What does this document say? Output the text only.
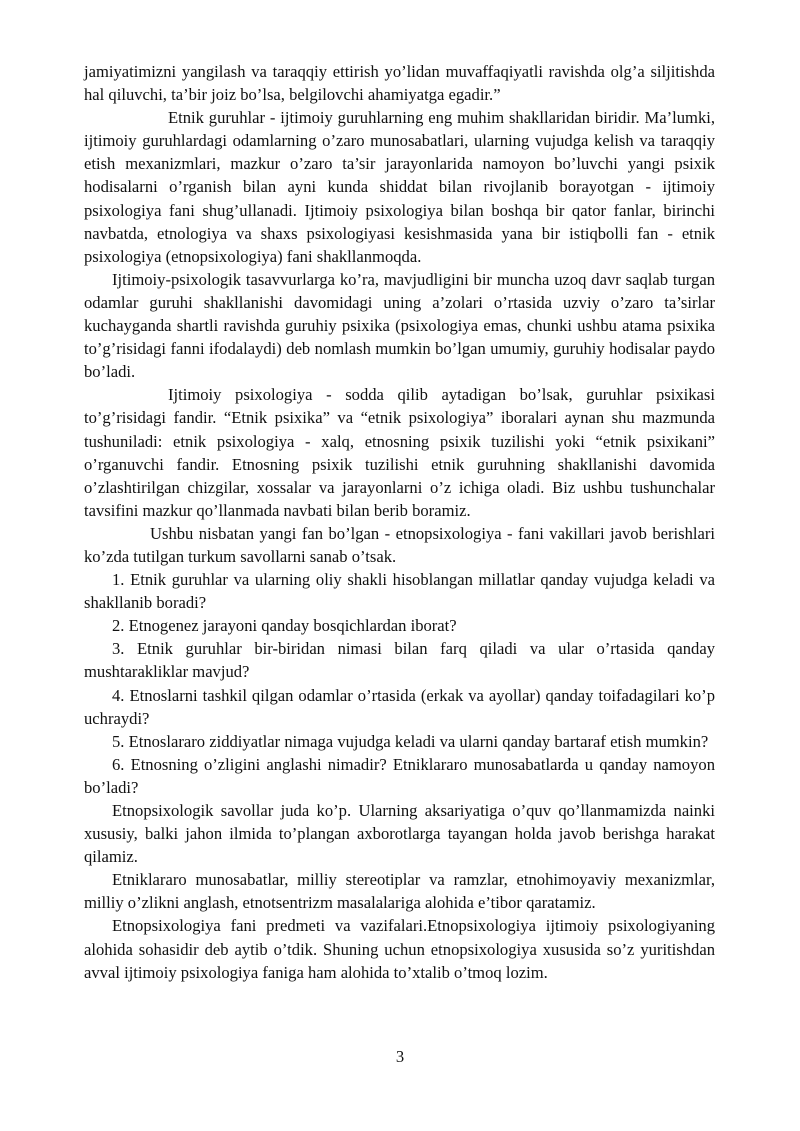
jamiyatimizni yangilash va taraqqiy ettirish yo’lidan muvaffaqiyatli ravishda olg’a siljitishda hal qiluvchi, ta’bir joiz bo’lsa, belgilovchi ahamiyatga egadir.”

Etnik guruhlar - ijtimoiy guruhlarning eng muhim shakllaridan biridir. Ma’lumki, ijtimoiy guruhlardagi odamlarning o’zaro munosabatlari, ularning vujudga kelish va taraqqiy etish mexanizmlari, mazkur o’zaro ta’sir jarayonlarida namoyon bo’luvchi yangi psixik hodisalarni o’rganish bilan ayni kunda shiddat bilan rivojlanib borayotgan - ijtimoiy psixologiya fani shug’ullanadi. Ijtimoiy psixologiya bilan boshqa bir qator fanlar, birinchi navbatda, etnologiya va shaxs psixologiyasi kesishmasida yana bir istiqbolli fan - etnik psixologiya (etnopsixologiya) fani shakllanmoqda.

Ijtimoiy-psixologik tasavvurlarga ko’ra, mavjudligini bir muncha uzoq davr saqlab turgan odamlar guruhi shakllanishi davomidagi uning a’zolari o’rtasida uzviy o’zaro ta’sirlar kuchayganda shartli ravishda guruhiy psixika (psixologiya emas, chunki ushbu atama psixika to’g’risidagi fanni ifodalaydi) deb nomlash mumkin bo’lgan umumiy, guruhiy hodisalar paydo bo’ladi.

Ijtimoiy psixologiya - sodda qilib aytadigan bo’lsak, guruhlar psixikasi to’g’risidagi fandir. “Etnik psixika” va “etnik psixologiya” iboralari aynan shu mazmunda tushuniladi: etnik psixologiya - xalq, etnosning psixik tuzilishi yoki “etnik psixikani” o’rganuvchi fandir. Etnosning psixik tuzilishi etnik guruhning shakllanishi davomida o’zlashtirilgan chizgilar, xossalar va jarayonlarni o’z ichiga oladi. Biz ushbu tushunchalar tavsifini mazkur qo’llanmada navbati bilan berib boramiz.

Ushbu nisbatan yangi fan bo’lgan - etnopsixologiya - fani vakillari javob berishlari ko’zda tutilgan turkum savollarni sanab o’tsak.

1. Etnik guruhlar va ularning oliy shakli hisoblangan millatlar qanday vujudga keladi va shakllanib boradi?

2. Etnogenez jarayoni qanday bosqichlardan iborat?

3. Etnik guruhlar bir-biridan nimasi bilan farq qiladi va ular o’rtasida qanday mushtarakliklar mavjud?

4. Etnoslarni tashkil qilgan odamlar o’rtasida (erkak va ayollar) qanday toifadagilari ko’p uchraydi?

5. Etnoslararo ziddiyatlar nimaga vujudga keladi va ularni qanday bartaraf etish mumkin?

6. Etnosning o’zligini anglashi nimadir? Etniklararo munosabatlarda u qanday namoyon bo’ladi?

Etnopsixologik savollar juda ko’p. Ularning aksariyatiga o’quv qo’llanmamizda nainki xususiy, balki jahon ilmida to’plangan axborotlarga tayangan holda javob berishga harakat qilamiz.

Etniklararo munosabatlar, milliy stereotiplar va ramzlar, etnohimoyaviy mexanizmlar, milliy o’zlikni anglash, etnotsentrizm masalalariga alohida e’tibor qaratamiz.

Etnopsixologiya fani predmeti va vazifalari.Etnopsixologiya ijtimoiy psixologiyaning alohida sohasidir deb aytib o’tdik. Shuning uchun etnopsixologiya xususida so’z yuritishdan avval ijtimoiy psixologiya faniga ham alohida to’xtalib o’tmoq lozim.

3
